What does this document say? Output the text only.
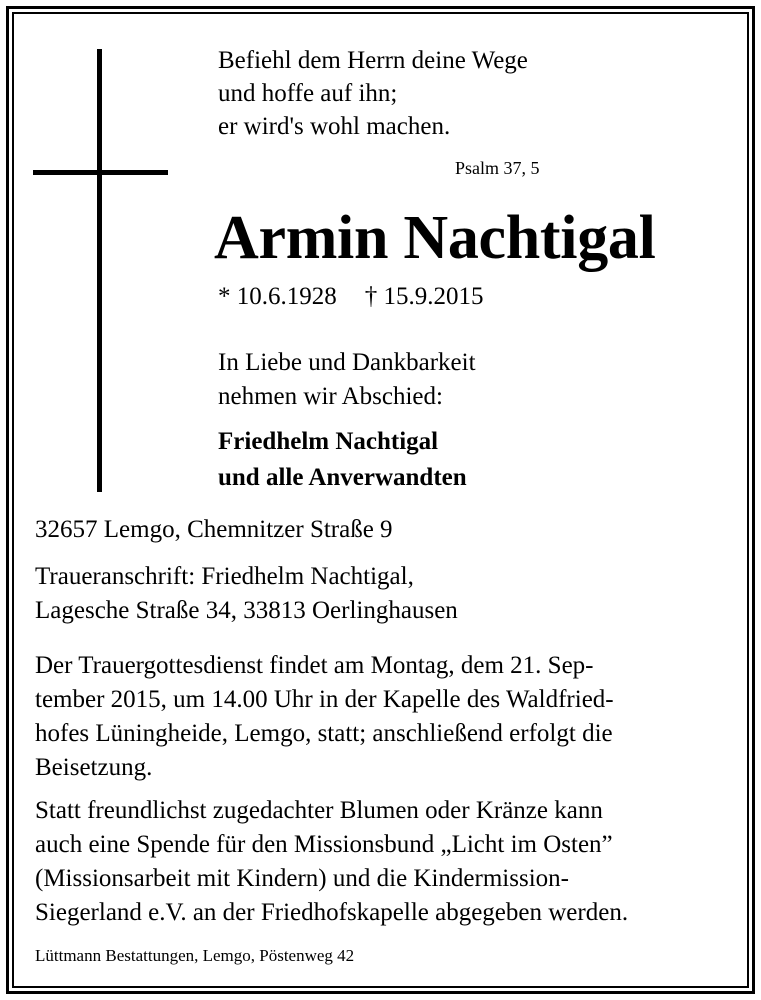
Befiehl dem Herrn deine Wege
und hoffe auf ihn;
er wird's wohl machen.
Psalm 37, 5
Armin Nachtigal
* 10.6.1928 † 15.9.2015
In Liebe und Dankbarkeit
nehmen wir Abschied:
Friedhelm Nachtigal
und alle Anverwandten
32657 Lemgo, Chemnitzer Straße 9
Traueranschrift: Friedhelm Nachtigal,
Lagesche Straße 34, 33813 Oerlinghausen
Der Trauergottesdienst findet am Montag, dem 21. Sep-
tember 2015, um 14.00 Uhr in der Kapelle des Waldfried-
hofes Lüningheide, Lemgo, statt; anschließend erfolgt die
Beisetzung.
Statt freundlichst zugedachter Blumen oder Kränze kann
auch eine Spende für den Missionsbund „Licht im Osten”
(Missionsarbeit mit Kindern) und die Kindermission-
Siegerland e.V. an der Friedhofskapelle abgegeben werden.
Lüttmann Bestattungen, Lemgo, Pöstenweg 42
